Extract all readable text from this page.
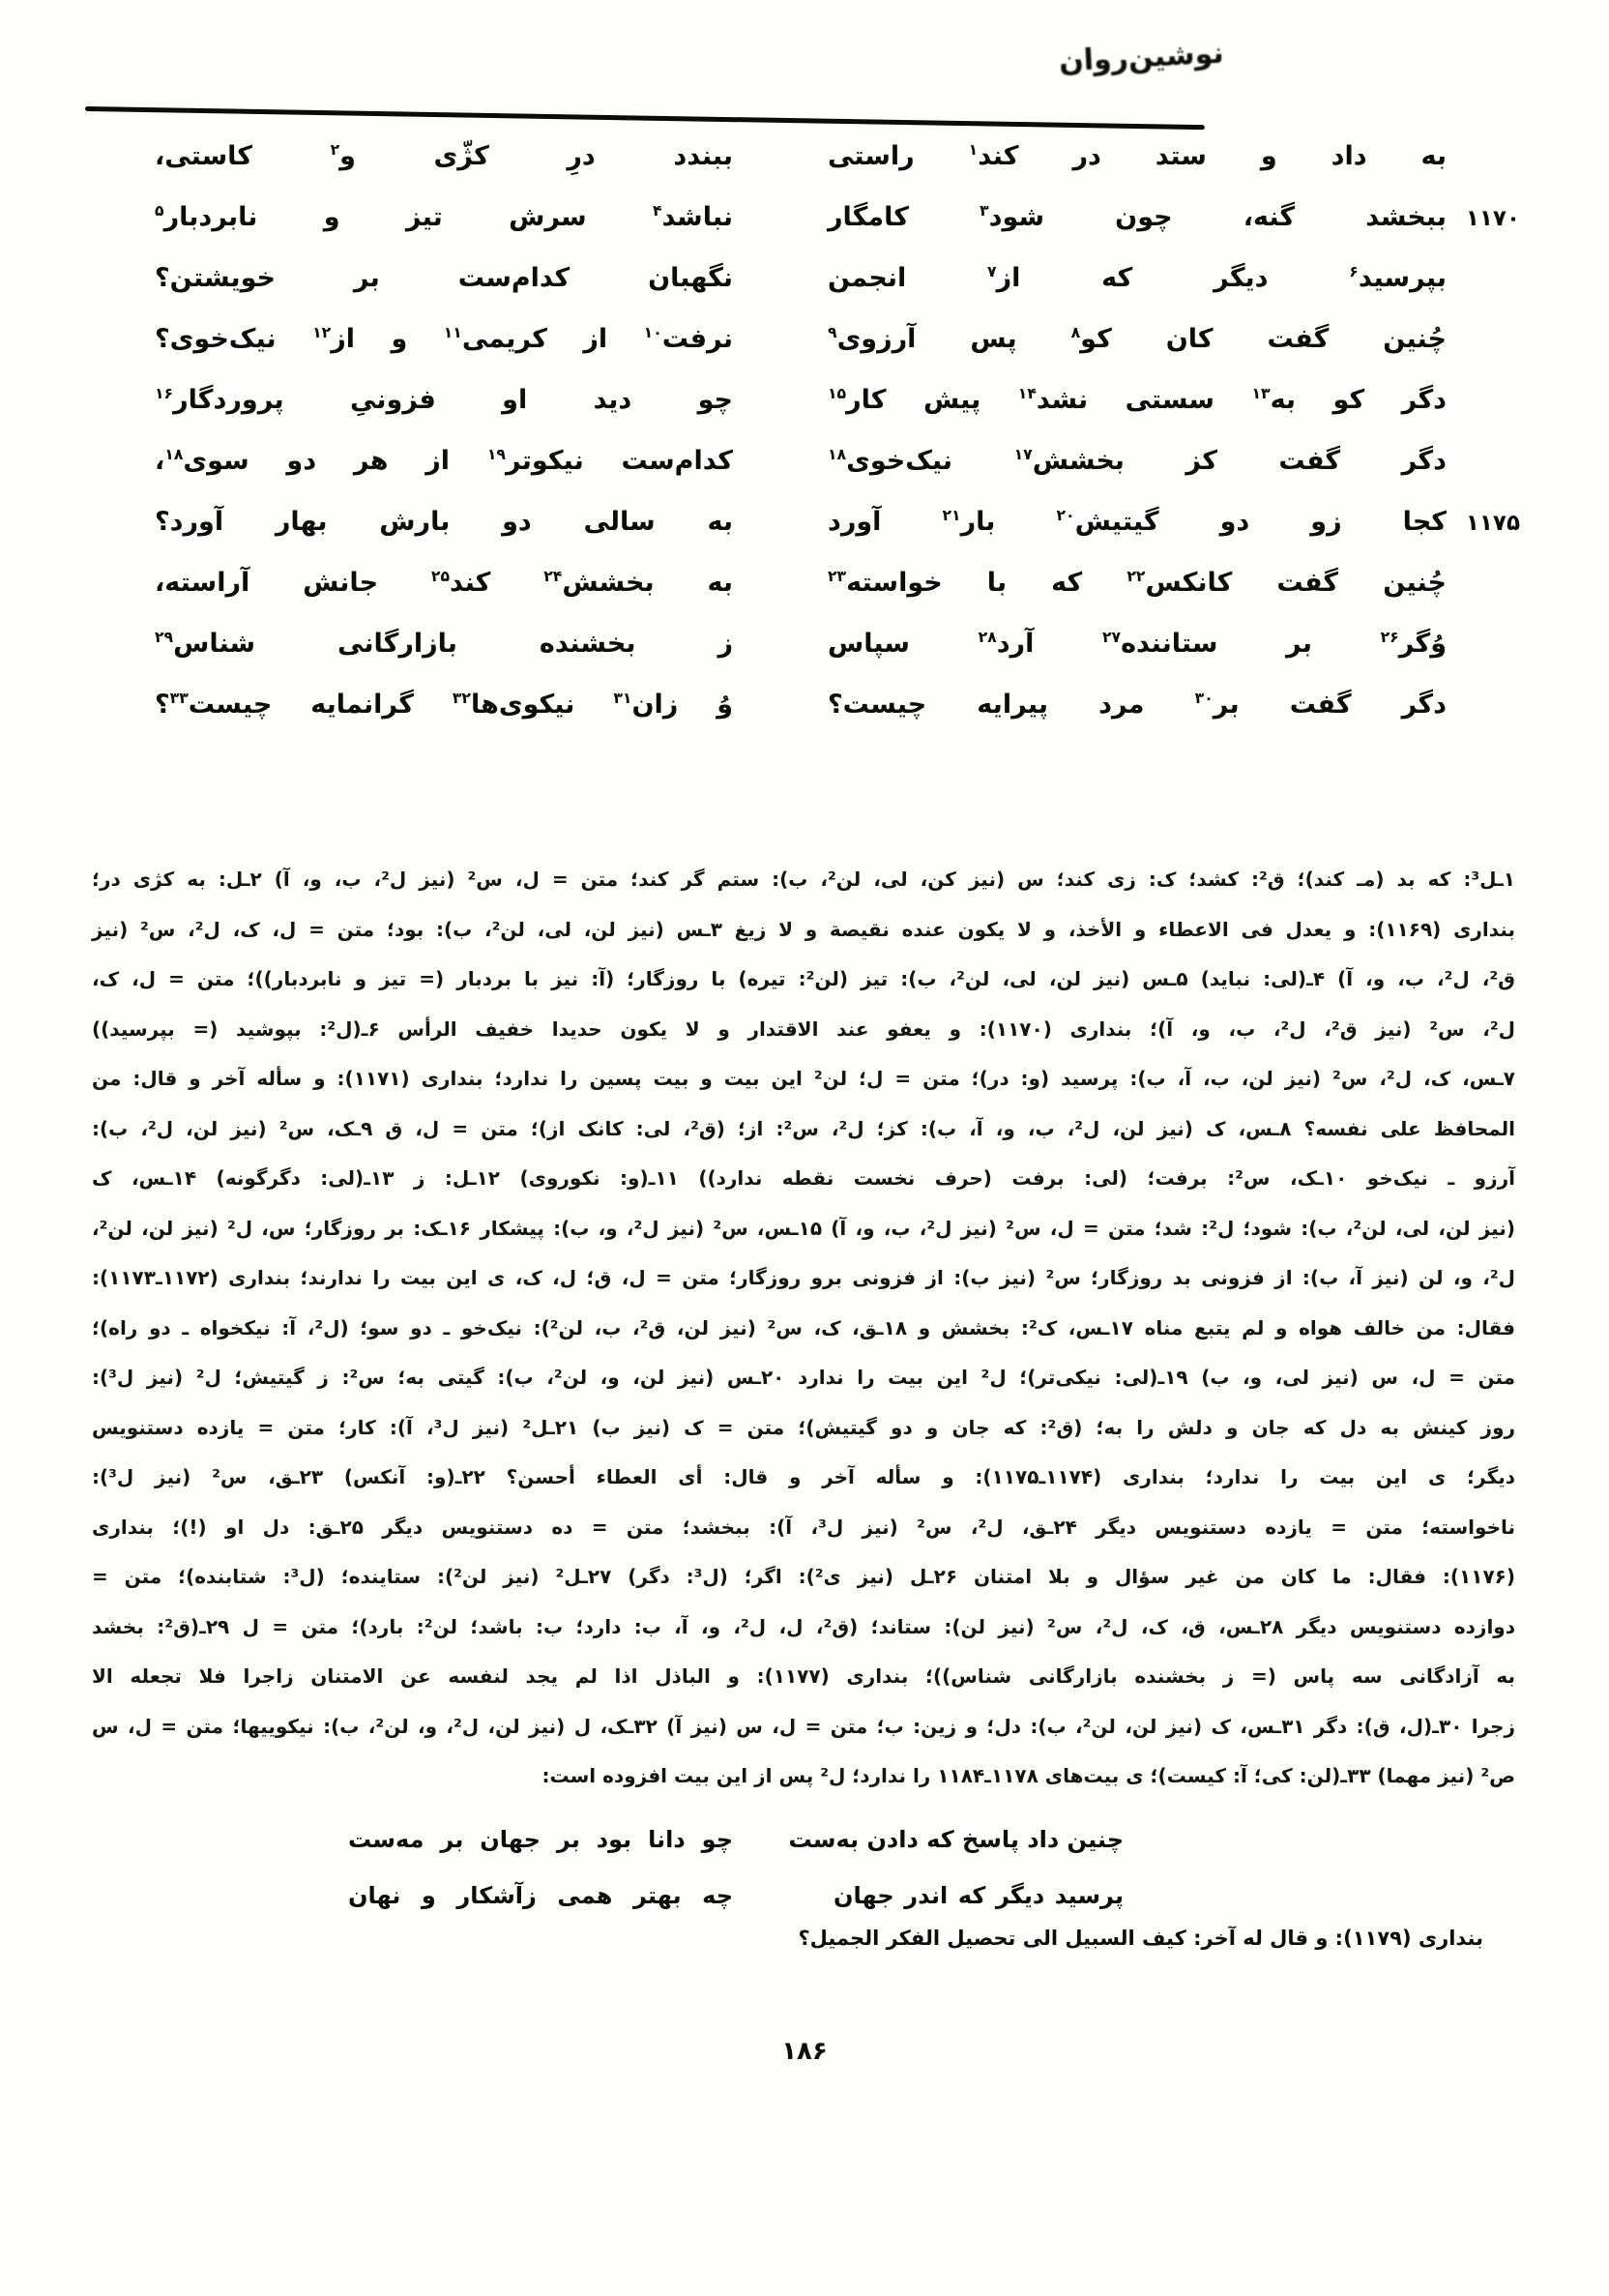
نوشین‌روان
به داد و ستد در کند$^۱$ راستی
ببندد درِ کژّی و$^۲$ کاستی،
۱۱۷۰
ببخشد گنه، چون شود$^۳$ کامگار
نباشد$^۴$ سرش تیز و نابردبار$^۵$
بپرسید$^۶$ دیگر که از$^۷$ انجمن
نگهبان کدام‌ست بر خویشتن؟
چُنین گفت کان کو$^۸$ پس آرزوی$^۹$
نرفت$^{۱۰}$ از کریمی$^{۱۱}$ و از$^{۱۲}$ نیک‌خوی؟
دگر کو به$^{۱۳}$ سستی نشد$^{۱۴}$ پیش کار$^{۱۵}$
چو دید او فزونیِ پروردگار$^{۱۶}$
دگر گفت کز بخشش$^{۱۷}$ نیک‌خوی$^{۱۸}$
کدام‌ست نیکوتر$^{۱۹}$ از هر دو سوی$^{۱۸}$،
۱۱۷۵
کجا زو دو گیتیش$^{۲۰}$ بار$^{۲۱}$ آورد
به سالی دو بارش بهار آورد؟
چُنین گفت کانکس$^{۲۲}$ که با خواسته$^{۲۳}$
به بخشش$^{۲۴}$ کند$^{۲۵}$ جانش آراسته،
وُگر$^{۲۶}$ بر ستاننده$^{۲۷}$ آرد$^{۲۸}$ سپاس
ز بخشنده بازارگانی شناس$^{۲۹}$
دگر گفت بر$^{۳۰}$ مرد پیرایه چیست؟
وُ زان$^{۳۱}$ نیکوی‌ها$^{۳۲}$ گرانمایه چیست$^{۳۳}$؟
۱ـل³: که بد (مـ کند)؛ ق²: کشد؛ ک: زی کند؛ س (نیز کن، لی، لن²، ب): ستم گر کند؛ متن = ل، س² (نیز ل²، ب، و، آ) ۲ـل: به کژی در؛
بنداری (۱۱۶۹): و یعدل فی الاعطاء و الأخذ، و لا یکون عنده نقیصة و لا زیغ ۳ـس (نیز لن، لی، لن²، ب): بود؛ متن = ل، ک، ل²، س² (نیز
ق²، ل²، ب، و، آ) ۴ـ(لی: نباید) ۵ـس (نیز لن، لی، لن²، ب): تیز (لن²: تیره) با روزگار؛ (آ: نیز با بردبار (= تیز و نابردبار))؛ متن = ل، ک،
ل²، س² (نیز ق²، ل²، ب، و، آ)؛ بنداری (۱۱۷۰): و یعفو عند الاقتدار و لا یکون حدیدا خفیف الرأس ۶ـ(ل²: بپوشید (= بپرسید))
۷ـس، ک، ل²، س² (نیز لن، ب، آ، ب): پرسید (و: در)؛ متن = ل؛ لن² این بیت و بیت پسین را ندارد؛ بنداری (۱۱۷۱): و سأله آخر و قال: من
المحافظ علی نفسه؟ ۸ـس، ک (نیز لن، ل²، ب، و، آ، ب): کز؛ ل²، س²: از؛ (ق²، لی: کانک از)؛ متن = ل، ق ۹ـک، س² (نیز لن، ل²، ب):
آرزو ـ نیک‌خو ۱۰ـک، س²: برفت؛ (لی: برفت (حرف نخست نقطه ندارد)) ۱۱ـ(و: نکوروی) ۱۲ـل: ز ۱۳ـ(لی: دگرگونه) ۱۴ـس، ک
(نیز لن، لی، لن²، ب): شود؛ ل²: شد؛ متن = ل، س² (نیز ل²، ب، و، آ) ۱۵ـس، س² (نیز ل²، و، ب): پیشکار ۱۶ـک: بر روزگار؛ س، ل² (نیز لن، لن²،
ل²، و، لن (نیز آ، ب): از فزونی بد روزگار؛ س² (نیز ب): از فزونی برو روزگار؛ متن = ل، ق؛ ل، ک، ی این بیت را ندارند؛ بنداری (۱۱۷۲ـ۱۱۷۳):
فقال: من خالف هواه و لم یتبع مناه ۱۷ـس، ک²: بخشش و ۱۸ـق، ک، س² (نیز لن، ق²، ب، لن²): نیک‌خو ـ دو سو؛ (ل²، آ: نیکخواه ـ دو راه)؛
متن = ل، س (نیز لی، و، ب) ۱۹ـ(لی: نیکی‌تر)؛ ل² این بیت را ندارد ۲۰ـس (نیز لن، و، لن²، ب): گیتی به؛ س²: ز گیتیش؛ ل² (نیز ل³):
روز کینش به دل که جان و دلش را به؛ (ق²: که جان و دو گیتیش)؛ متن = ک (نیز ب) ۲۱ـل² (نیز ل³، آ): کار؛ متن = یازده دستنویس
دیگر؛ ی این بیت را ندارد؛ بنداری (۱۱۷۴ـ۱۱۷۵): و سأله آخر و قال: أی العطاء أحسن؟ ۲۲ـ(و: آنکس) ۲۳ـق، س² (نیز ل³):
ناخواسته؛ متن = یازده دستنویس دیگر ۲۴ـق، ل²، س² (نیز ل³، آ): ببخشد؛ متن = ده دستنویس دیگر ۲۵ـق: دل او (!)؛ بنداری
(۱۱۷۶): فقال: ما کان من غیر سؤال و بلا امتنان ۲۶ـل (نیز ی²): اگر؛ (ل³: دگر) ۲۷ـل² (نیز لن²): ستاینده؛ (ل³: شتابنده)؛ متن =
دوازده دستنویس دیگر ۲۸ـس، ق، ک، ل²، س² (نیز لن): ستاند؛ (ق²، ل، ل²، و، آ، ب: دارد؛ ب: باشد؛ لن²: بارد)؛ متن = ل ۲۹ـ(ق²: بخشد
به آزادگانی سه پاس (= ز بخشنده بازارگانی شناس))؛ بنداری (۱۱۷۷): و الباذل اذا لم یجد لنفسه عن الامتنان زاجرا فلا تجعله الا
زجرا ۳۰ـ(ل، ق): دگر ۳۱ـس، ک (نیز لن، لن²، ب): دل؛ و زین: ب؛ متن = ل، س (نیز آ) ۳۲ـک، ل (نیز لن، ل²، و، لن²، ب): نیکوییها؛ متن = ل، س
ص² (نیز مهما) ۳۳ـ(لن: کی؛ آ: کیست)؛ ی بیت‌های ۱۱۷۸ـ۱۱۸۴ را ندارد؛ ل² پس از این بیت افزوده است:
چنین داد پاسخ که دادن به‌ست
چو دانا بود بر جهان بر مه‌ست
پرسید دیگر که اندر جهان
چه بهتر همی زآشکار و نهان
بنداری (۱۱۷۹): و قال له آخر: کیف السبیل الی تحصیل الفکر الجمیل؟
۱۸۶
